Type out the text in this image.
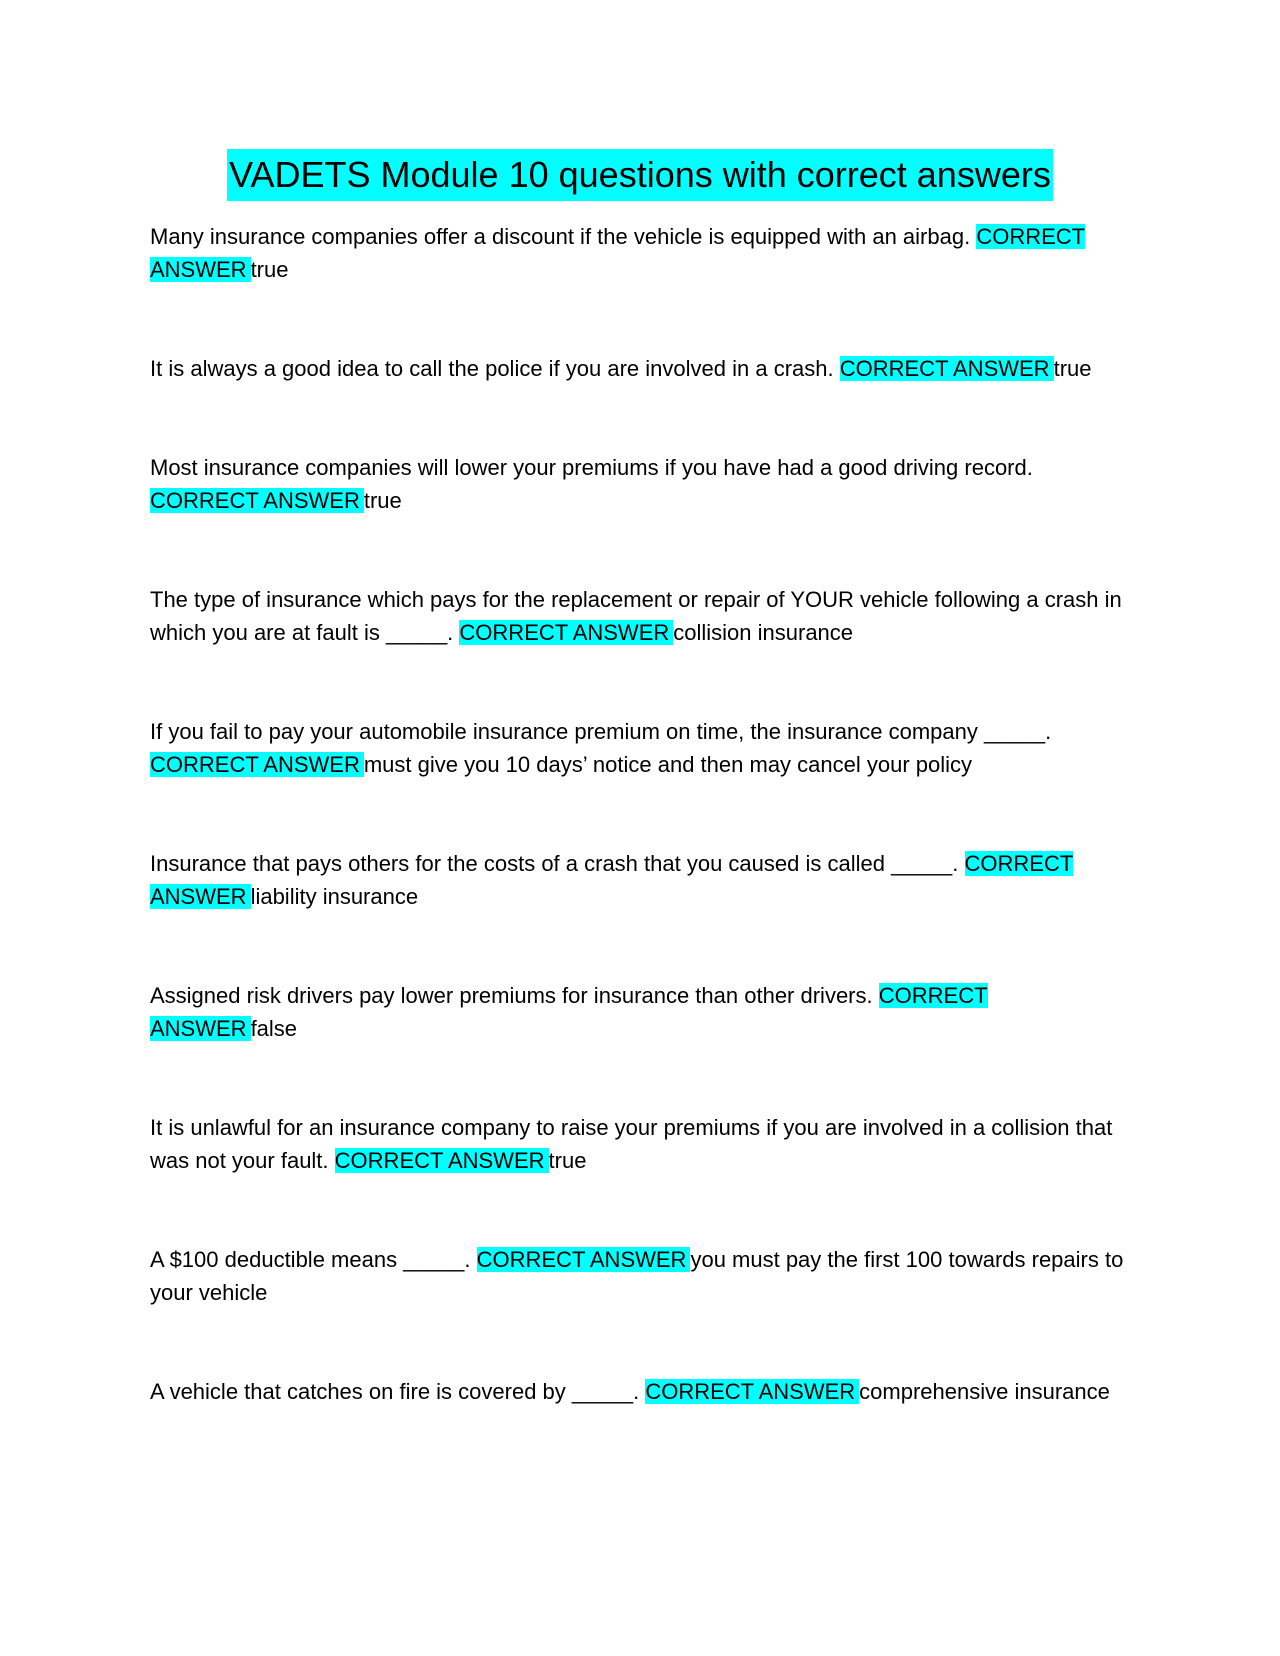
VADETS Module 10 questions with correct answers

Many insurance companies offer a discount if the vehicle is equipped with an airbag. CORRECT ANSWER true

It is always a good idea to call the police if you are involved in a crash. CORRECT ANSWER true

Most insurance companies will lower your premiums if you have had a good driving record. CORRECT ANSWER true

The type of insurance which pays for the replacement or repair of YOUR vehicle following a crash in which you are at fault is _____. CORRECT ANSWER collision insurance

If you fail to pay your automobile insurance premium on time, the insurance company _____. CORRECT ANSWER must give you 10 days’ notice and then may cancel your policy

Insurance that pays others for the costs of a crash that you caused is called _____. CORRECT ANSWER liability insurance

Assigned risk drivers pay lower premiums for insurance than other drivers. CORRECT ANSWER false

It is unlawful for an insurance company to raise your premiums if you are involved in a collision that was not your fault. CORRECT ANSWER true

A $100 deductible means _____. CORRECT ANSWER you must pay the first 100 towards repairs to your vehicle

A vehicle that catches on fire is covered by _____. CORRECT ANSWER comprehensive insurance
